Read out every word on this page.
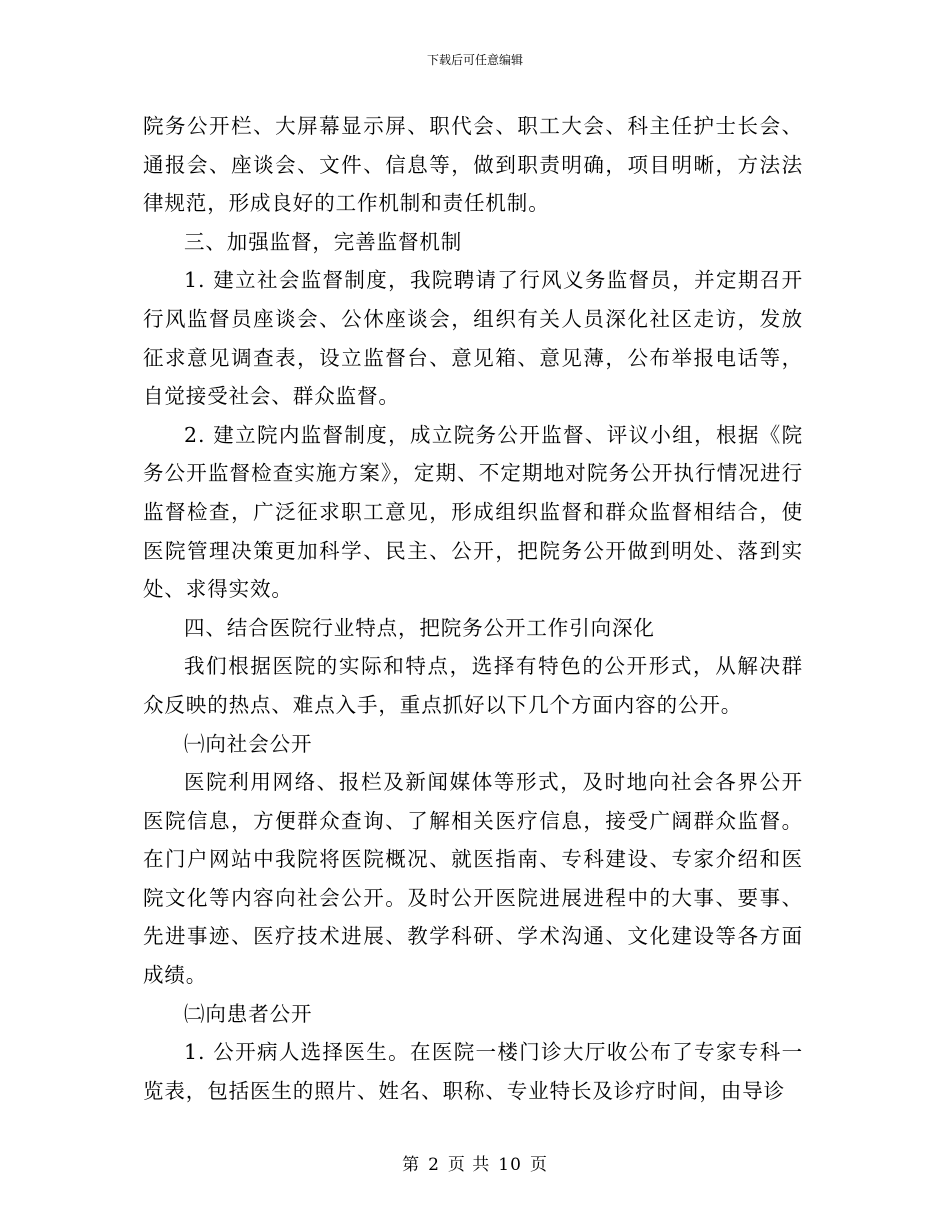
下载后可任意编辑

院务公开栏、大屏幕显示屏、职代会、职工大会、科主任护士长会、通报会、座谈会、文件、信息等，做到职责明确，项目明晰，方法法律规范，形成良好的工作机制和责任机制。

三、加强监督，完善监督机制

1. 建立社会监督制度，我院聘请了行风义务监督员，并定期召开行风监督员座谈会、公休座谈会，组织有关人员深化社区走访，发放征求意见调查表，设立监督台、意见箱、意见薄，公布举报电话等，自觉接受社会、群众监督。

2. 建立院内监督制度，成立院务公开监督、评议小组，根据《院务公开监督检查实施方案》，定期、不定期地对院务公开执行情况进行监督检查，广泛征求职工意见，形成组织监督和群众监督相结合，使医院管理决策更加科学、民主、公开，把院务公开做到明处、落到实处、求得实效。

四、结合医院行业特点，把院务公开工作引向深化

我们根据医院的实际和特点，选择有特色的公开形式，从解决群众反映的热点、难点入手，重点抓好以下几个方面内容的公开。

㈠向社会公开

医院利用网络、报栏及新闻媒体等形式，及时地向社会各界公开医院信息，方便群众查询、了解相关医疗信息，接受广阔群众监督。在门户网站中我院将医院概况、就医指南、专科建设、专家介绍和医院文化等内容向社会公开。及时公开医院进展进程中的大事、要事、先进事迹、医疗技术进展、教学科研、学术沟通、文化建设等各方面成绩。

㈡向患者公开

1. 公开病人选择医生。在医院一楼门诊大厅收公布了专家专科一览表，包括医生的照片、姓名、职称、专业特长及诊疗时间，由导诊

第 2 页 共 10 页
